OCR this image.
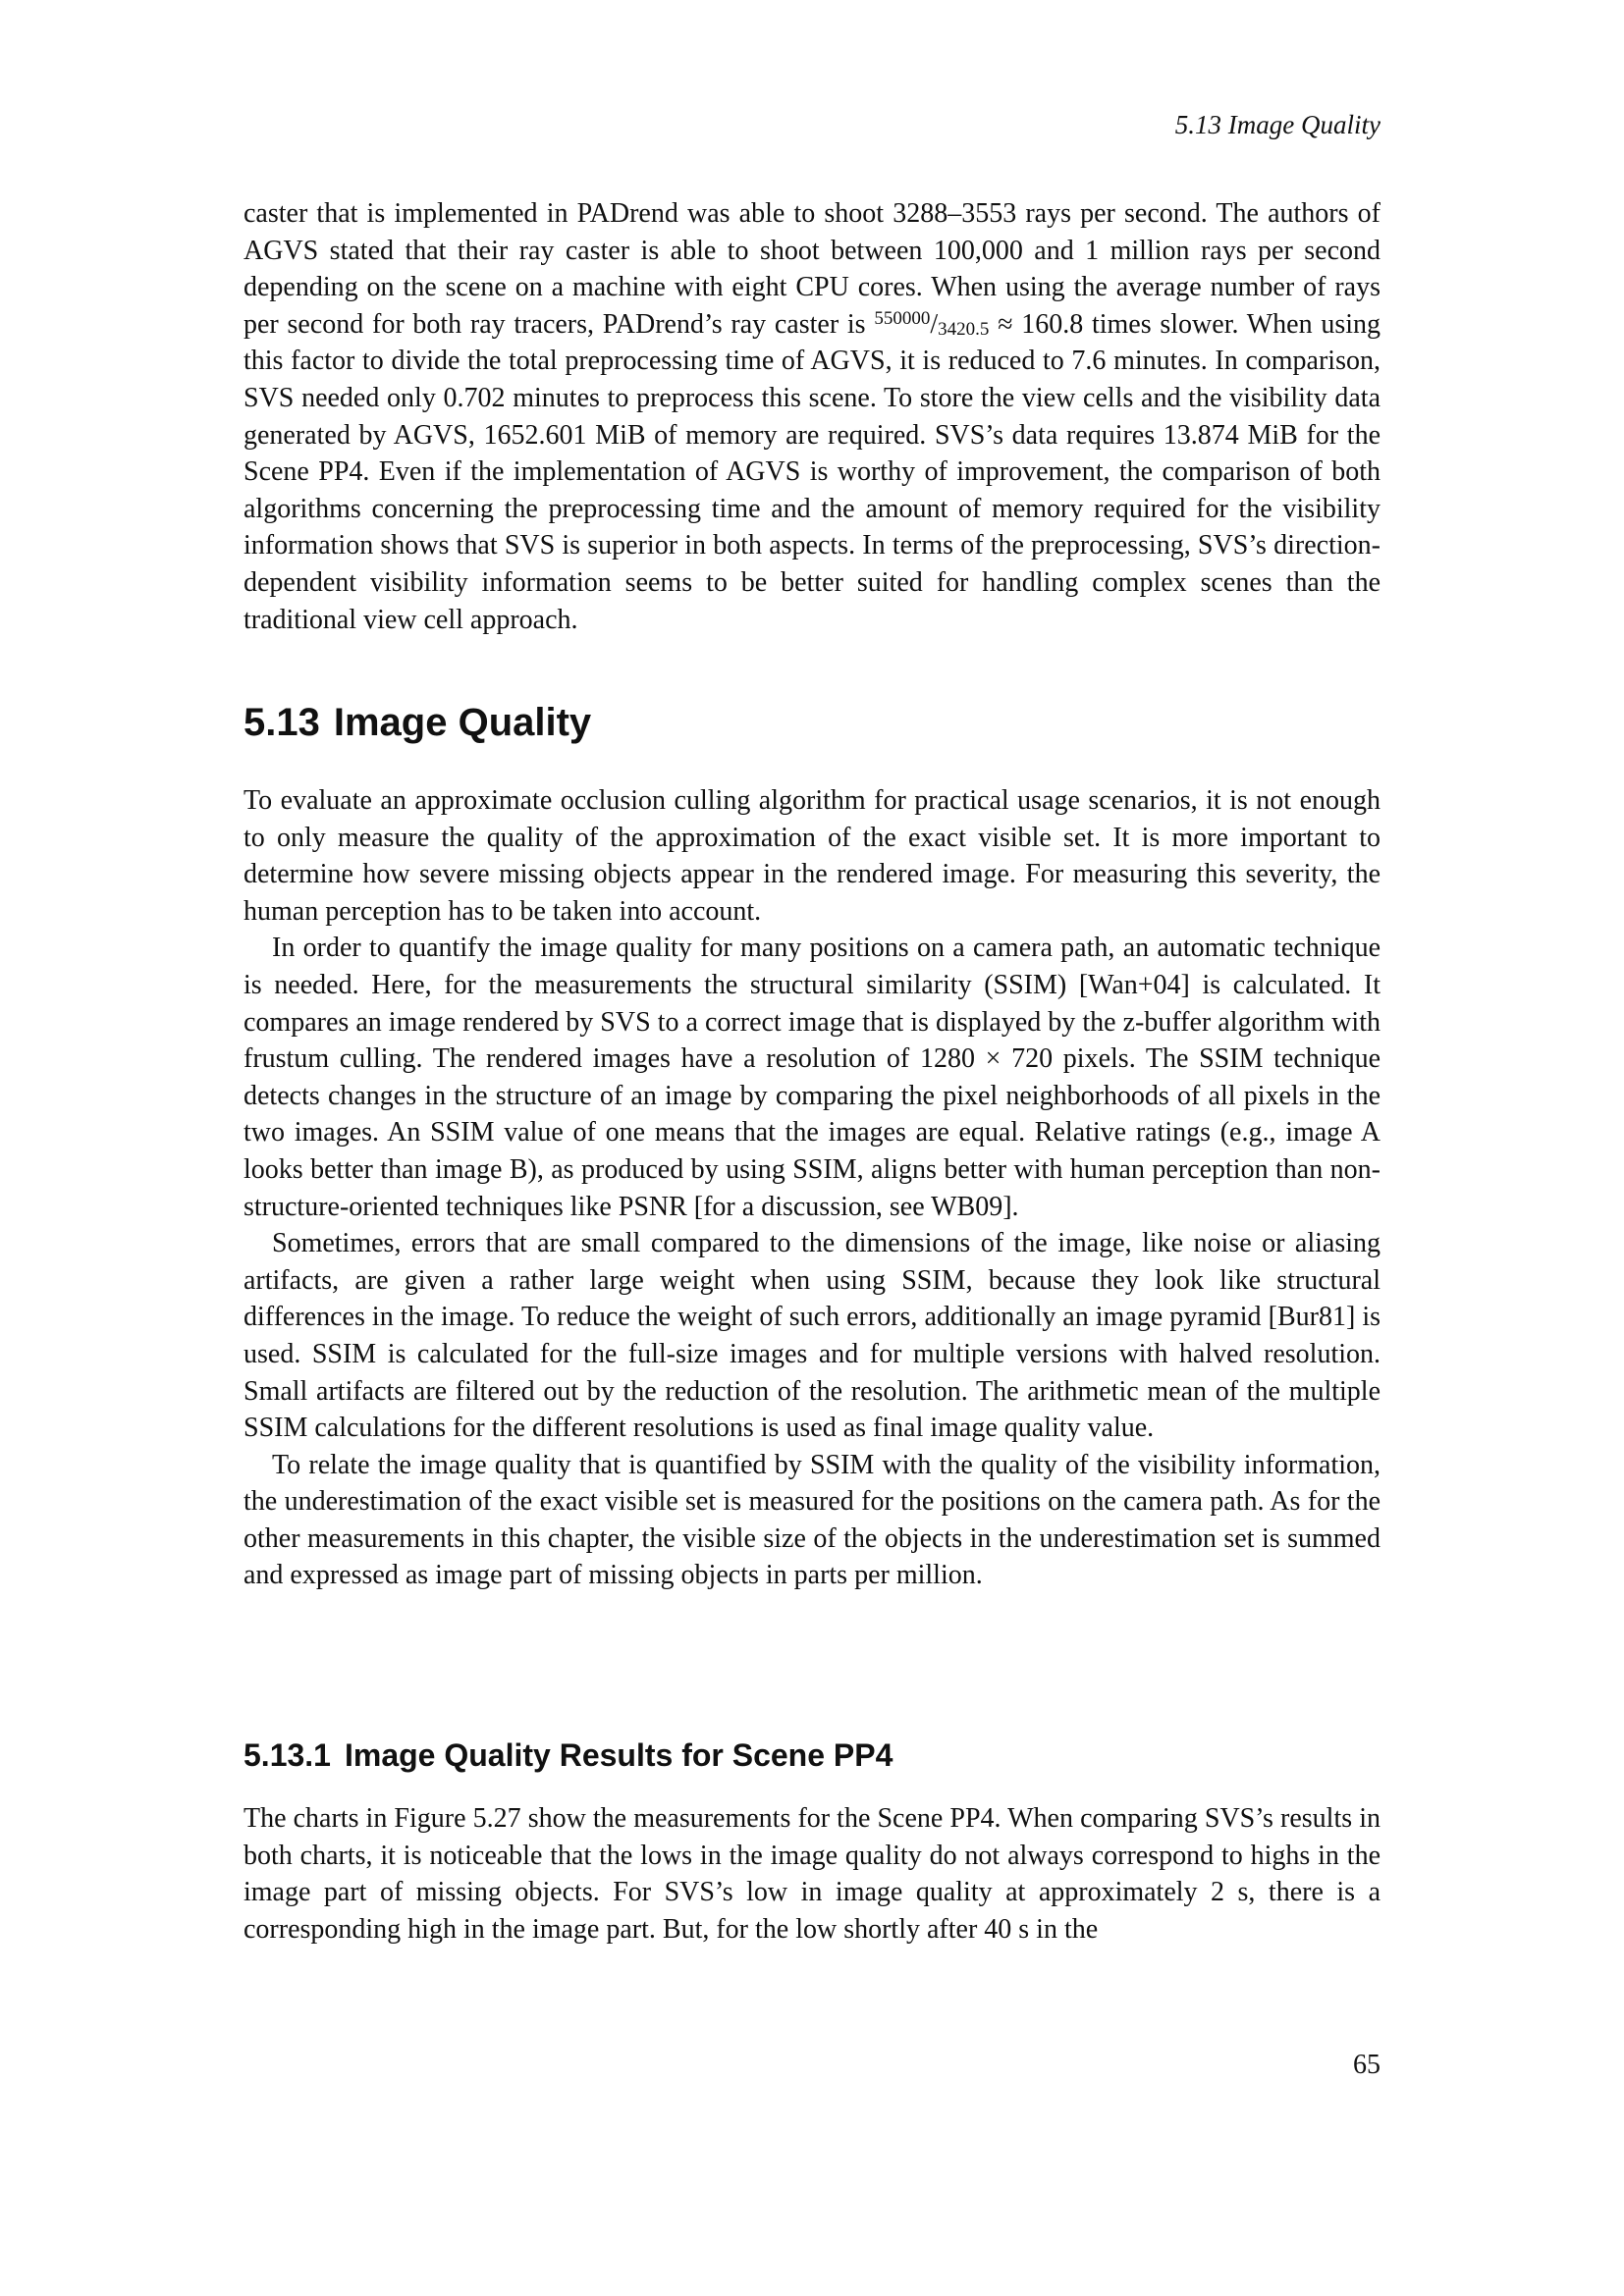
5.13 Image Quality

caster that is implemented in PADrend was able to shoot 3288–3553 rays per second. The authors of AGVS stated that their ray caster is able to shoot between 100,000 and 1 million rays per second depending on the scene on a machine with eight CPU cores. When using the average number of rays per second for both ray tracers, PADrend’s ray caster is $^{550000}$/3420.5 ≈ 160.8 times slower. When using this factor to divide the total preprocessing time of AGVS, it is reduced to 7.6 minutes. In comparison, SVS needed only 0.702 minutes to preprocess this scene. To store the view cells and the visibility data generated by AGVS, 1652.601 MiB of memory are required. SVS’s data requires 13.874 MiB for the Scene PP4. Even if the implementation of AGVS is worthy of improvement, the comparison of both algorithms concerning the preprocessing time and the amount of memory required for the visibility information shows that SVS is superior in both aspects. In terms of the preprocessing, SVS’s direction-dependent visibility information seems to be better suited for handling complex scenes than the traditional view cell approach.

5.13 Image Quality

To evaluate an approximate occlusion culling algorithm for practical usage scenarios, it is not enough to only measure the quality of the approximation of the exact visible set. It is more important to determine how severe missing objects appear in the rendered image. For measuring this severity, the human perception has to be taken into account.

In order to quantify the image quality for many positions on a camera path, an automatic technique is needed. Here, for the measurements the structural similarity (SSIM) [Wan+04] is calculated. It compares an image rendered by SVS to a correct image that is displayed by the z-buffer algorithm with frustum culling. The rendered images have a resolution of 1280 × 720 pixels. The SSIM technique detects changes in the structure of an image by comparing the pixel neighborhoods of all pixels in the two images. An SSIM value of one means that the images are equal. Relative ratings (e.g., image A looks better than image B), as produced by using SSIM, aligns better with human perception than non-structure-oriented techniques like PSNR [for a discussion, see WB09].

Sometimes, errors that are small compared to the dimensions of the image, like noise or aliasing artifacts, are given a rather large weight when using SSIM, because they look like structural differences in the image. To reduce the weight of such errors, additionally an image pyramid [Bur81] is used. SSIM is calculated for the full-size images and for multiple versions with halved resolution. Small artifacts are filtered out by the reduction of the resolution. The arithmetic mean of the multiple SSIM calculations for the different resolutions is used as final image quality value.

To relate the image quality that is quantified by SSIM with the quality of the visibility information, the underestimation of the exact visible set is measured for the positions on the camera path. As for the other measurements in this chapter, the visible size of the objects in the underestimation set is summed and expressed as image part of missing objects in parts per million.

5.13.1 Image Quality Results for Scene PP4

The charts in Figure 5.27 show the measurements for the Scene PP4. When comparing SVS’s results in both charts, it is noticeable that the lows in the image quality do not always correspond to highs in the image part of missing objects. For SVS’s low in image quality at approximately 2 s, there is a corresponding high in the image part. But, for the low shortly after 40 s in the

65
